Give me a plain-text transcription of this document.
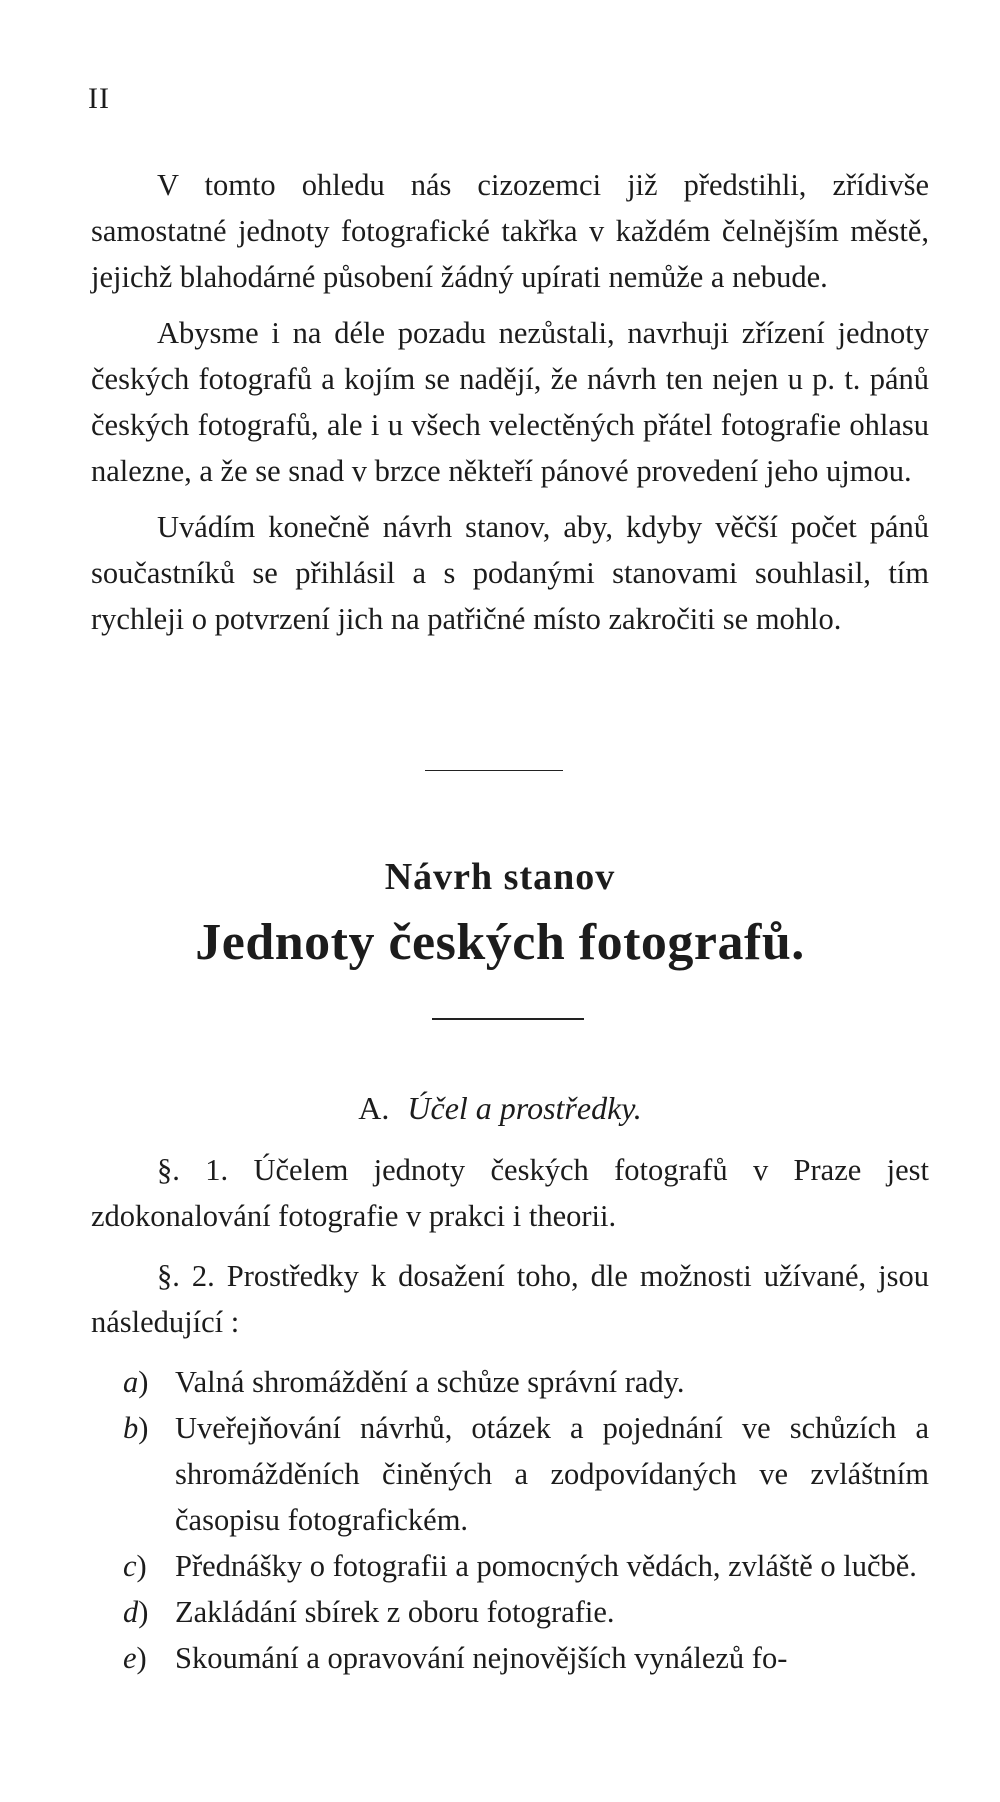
II

V tomto ohledu nás cizozemci již předstihli, zřídivše samostatné jednoty fotografické takřka v každém čelnějším městě, jejichž blahodárné působení žádný upírati nemůže a nebude.

Abysme i na déle pozadu nezůstali, navrhuji zřízení jednoty českých fotografů a kojím se nadějí, že návrh ten nejen u p. t. pánů českých fotografů, ale i u všech velectěných přátel fotografie ohlasu nalezne, a že se snad v brzce někteří pánové provedení jeho ujmou.

Uvádím konečně návrh stanov, aby, kdyby věčší počet pánů součastníků se přihlásil a s podanými stanovami souhlasil, tím rychleji o potvrzení jich na patřičné místo zakročiti se mohlo.

Návrh stanov
Jednoty českých fotografů.
A. Účel a prostředky.

§. 1. Účelem jednoty českých fotografů v Praze jest zdokonalování fotografie v prakci i theorii.

§. 2. Prostředky k dosažení toho, dle možnosti užívané, jsou následující :

a) Valná shromáždění a schůze správní rady.
b) Uveřejňování návrhů, otázek a pojednání ve schůzích a shromážděních činěných a zodpovídaných ve zvláštním časopisu fotografickém.
c) Přednášky o fotografii a pomocných vědách, zvláště o lučbě.
d) Zakládání sbírek z oboru fotografie.
e) Skoumání a opravování nejnovějších vynálezů fo-
